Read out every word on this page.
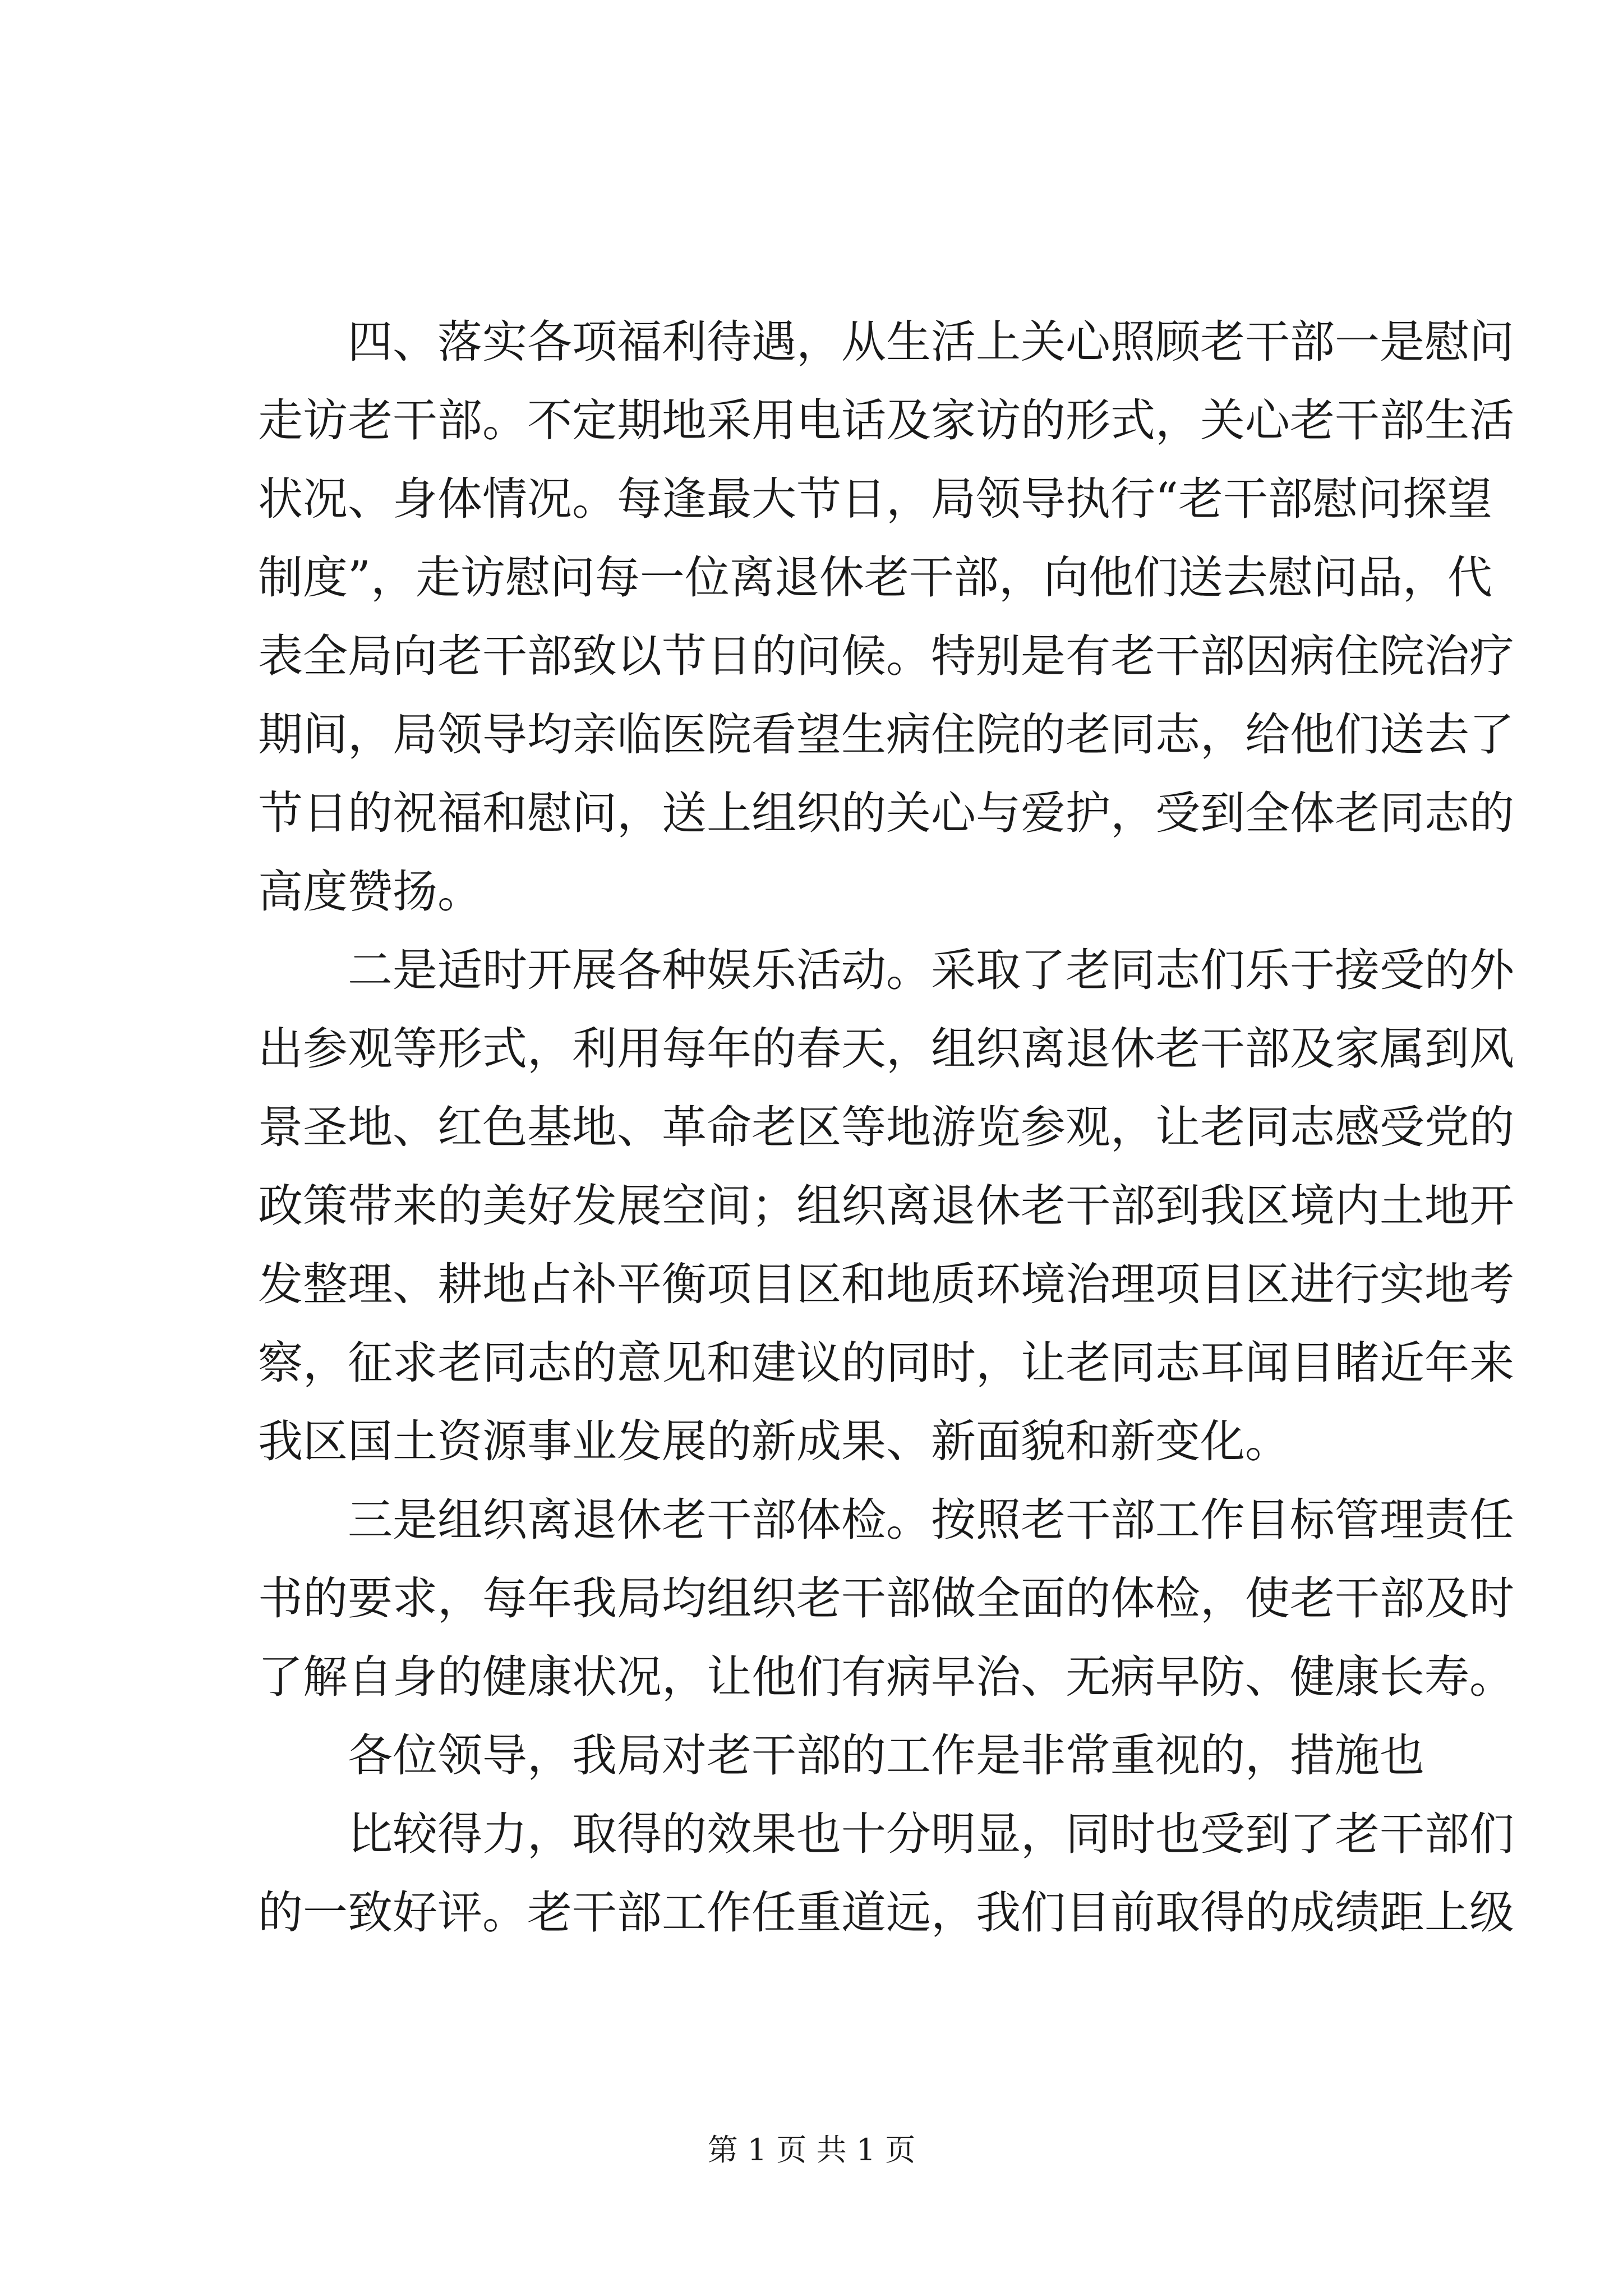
　　四、落实各项福利待遇，从生活上关心照顾老干部一是慰问
走访老干部。不定期地采用电话及家访的形式，关心老干部生活
状况、身体情况。每逢最大节日，局领导执行“老干部慰问探望
制度”，走访慰问每一位离退休老干部，向他们送去慰问品，代
表全局向老干部致以节日的问候。特别是有老干部因病住院治疗
期间，局领导均亲临医院看望生病住院的老同志，给他们送去了
节日的祝福和慰问，送上组织的关心与爱护，受到全体老同志的
高度赞扬。
　　二是适时开展各种娱乐活动。采取了老同志们乐于接受的外
出参观等形式，利用每年的春天，组织离退休老干部及家属到风
景圣地、红色基地、革命老区等地游览参观，让老同志感受党的
政策带来的美好发展空间；组织离退休老干部到我区境内土地开
发整理、耕地占补平衡项目区和地质环境治理项目区进行实地考
察，征求老同志的意见和建议的同时，让老同志耳闻目睹近年来
我区国土资源事业发展的新成果、新面貌和新变化。
　　三是组织离退休老干部体检。按照老干部工作目标管理责任
书的要求，每年我局均组织老干部做全面的体检，使老干部及时
了解自身的健康状况，让他们有病早治、无病早防、健康长寿。
　　各位领导，我局对老干部的工作是非常重视的，措施也
　　比较得力，取得的效果也十分明显，同时也受到了老干部们
的一致好评。老干部工作任重道远，我们目前取得的成绩距上级
第 1 页 共 1 页
